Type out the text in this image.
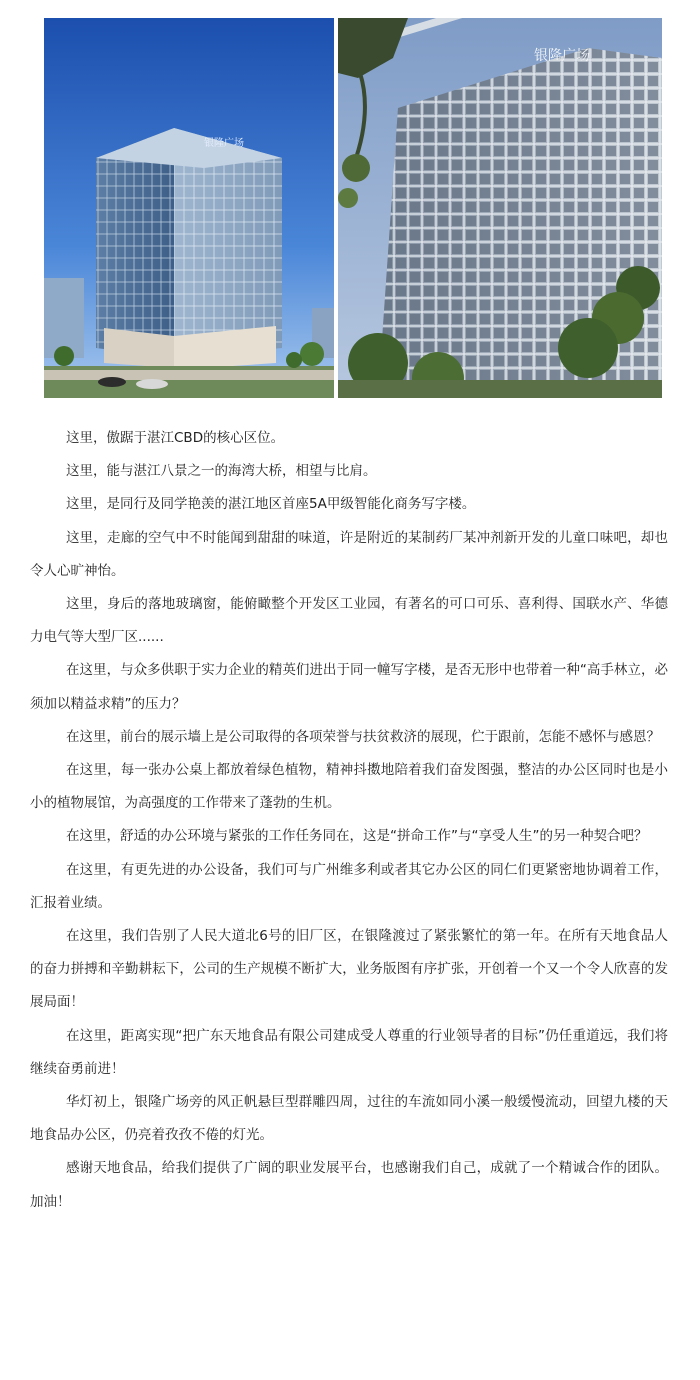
银隆广场
银隆广场

这里，傲踞于湛江CBD的核心区位。

这里，能与湛江八景之一的海湾大桥，相望与比肩。

这里，是同行及同学艳羡的湛江地区首座5A甲级智能化商务写字楼。

这里，走廊的空气中不时能闻到甜甜的味道，许是附近的某制药厂某冲剂新开发的儿童口味吧，却也令人心旷神怡。

这里，身后的落地玻璃窗，能俯瞰整个开发区工业园，有著名的可口可乐、喜利得、国联水产、华德力电气等大型厂区......

在这里，与众多供职于实力企业的精英们进出于同一幢写字楼，是否无形中也带着一种“高手林立，必须加以精益求精”的压力？

在这里，前台的展示墙上是公司取得的各项荣誉与扶贫救济的展现，伫于跟前，怎能不感怀与感恩？

在这里，每一张办公桌上都放着绿色植物，精神抖擞地陪着我们奋发图强，整洁的办公区同时也是小小的植物展馆，为高强度的工作带来了蓬勃的生机。

在这里，舒适的办公环境与紧张的工作任务同在，这是“拼命工作”与“享受人生”的另一种契合吧？

在这里，有更先进的办公设备，我们可与广州维多利或者其它办公区的同仁们更紧密地协调着工作，汇报着业绩。

在这里，我们告别了人民大道北6号的旧厂区，在银隆渡过了紧张繁忙的第一年。在所有天地食品人的奋力拼搏和辛勤耕耘下，公司的生产规模不断扩大，业务版图有序扩张，开创着一个又一个令人欣喜的发展局面！

在这里，距离实现“把广东天地食品有限公司建成受人尊重的行业领导者的目标”仍任重道远，我们将继续奋勇前进！

华灯初上，银隆广场旁的风正帆悬巨型群雕四周，过往的车流如同小溪一般缓慢流动，回望九楼的天地食品办公区，仍亮着孜孜不倦的灯光。

感谢天地食品，给我们提供了广阔的职业发展平台，也感谢我们自己，成就了一个精诚合作的团队。加油！
